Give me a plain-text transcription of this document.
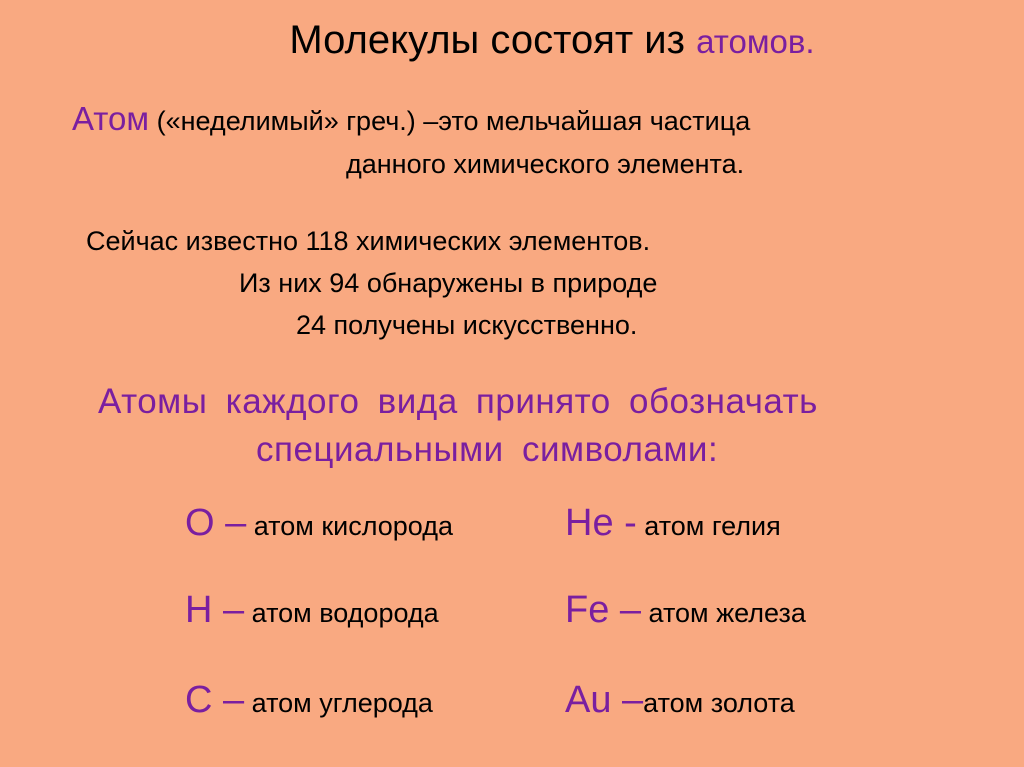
Молекулы состоят из атомов.
Атом («неделимый» греч.) –это мельчайшая частица
данного химического элемента.
Сейчас известно 118 химических элементов.
Из них 94 обнаружены в природе
24 получены искусственно.
Атомы каждого вида принято обозначать
специальными символами:
O – атом кислорода	He - атом гелия
H – атом водорода	Fe – атом железа
C – атом углерода	Au –атом золота
